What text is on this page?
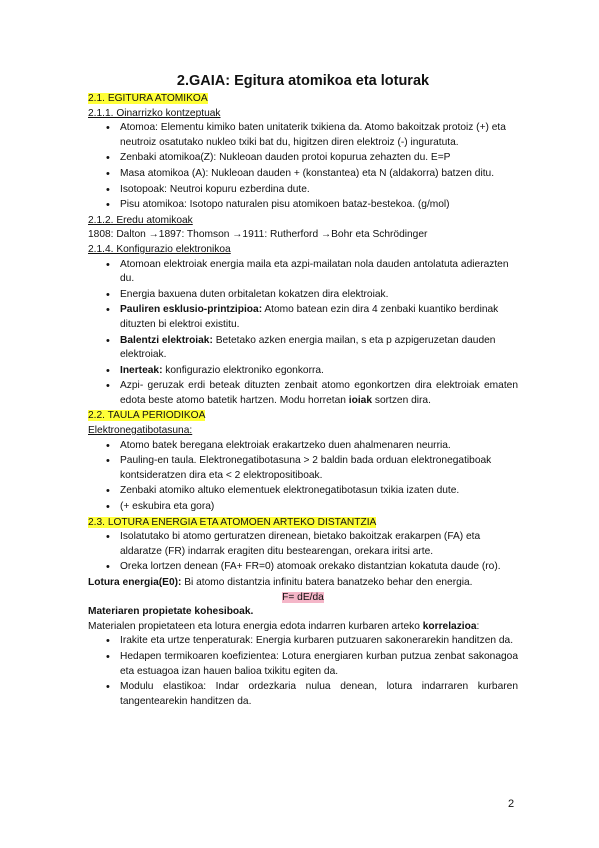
2.GAIA: Egitura atomikoa eta loturak

2.1. EGITURA ATOMIKOA

2.1.1. Oinarrizko kontzeptuak

• Atomoa: Elementu kimiko baten unitaterik txikiena da. Atomo bakoitzak protoiz (+) eta neutroiz osatutako nukleo txiki bat du, higitzen diren elektroiz (-) inguratuta.
• Zenbaki atomikoa(Z): Nukleoan dauden protoi kopurua zehazten du. E=P
• Masa atomikoa (A): Nukleoan dauden + (konstantea) eta N (aldakorra) batzen ditu.
• Isotopoak: Neutroi kopuru ezberdina dute.
• Pisu atomikoa: Isotopo naturalen pisu atomikoen bataz-bestekoa. (g/mol)

2.1.2. Eredu atomikoak

1808: Dalton →1897: Thomson →1911: Rutherford →Bohr eta Schrödinger

2.1.4. Konfigurazio elektronikoa

• Atomoan elektroiak energia maila eta azpi-mailatan nola dauden antolatuta adierazten du.
• Energia baxuena duten orbitaletan kokatzen dira elektroiak.
• Pauliren esklusio-printzipioa: Atomo batean ezin dira 4 zenbaki kuantiko berdinak dituzten bi elektroi existitu.
• Balentzi elektroiak: Betetako azken energia mailan, s eta p azpigeruzetan dauden elektroiak.
• Inerteak: konfigurazio elektroniko egonkorra.
• Azpi- geruzak erdi beteak dituzten zenbait atomo egonkortzen dira elektroiak ematen edota beste atomo batetik hartzen. Modu horretan ioiak sortzen dira.

2.2. TAULA PERIODIKOA

Elektronegatibotasuna:

• Atomo batek beregana elektroiak erakartzeko duen ahalmenaren neurria.
• Pauling-en taula. Elektronegatibotasuna > 2 baldin bada orduan elektronegatiboak kontsideratzen dira eta < 2 elektropositiboak.
• Zenbaki atomiko altuko elementuek elektronegatibotasun txikia izaten dute.
• (+ eskubira eta gora)

2.3. LOTURA ENERGIA ETA ATOMOEN ARTEKO DISTANTZIA

• Isolatutako bi atomo gerturatzen direnean, bietako bakoitzak erakarpen (FA) eta aldaratze (FR) indarrak eragiten ditu bestearengan, orekara iritsi arte.
• Oreka lortzen denean (FA+ FR=0) atomoak orekako distantzian kokatuta daude (ro).

Lotura energia(E0): Bi atomo distantzia infinitu batera banatzeko behar den energia.

F= dE/da

Materiaren propietate kohesiboak.

Materialen propietateen eta lotura energia edota indarren kurbaren arteko korrelazioa:

• Irakite eta urtze tenperaturak: Energia kurbaren putzuaren sakonerarekin handitzen da.
• Hedapen termikoaren koefizientea: Lotura energiaren kurban putzua zenbat sakonagoa eta estuagoa izan hauen balioa txikitu egiten da.
• Modulu elastikoa: Indar ordezkaria nulua denean, lotura indarraren kurbaren tangentearekin handitzen da.
2
